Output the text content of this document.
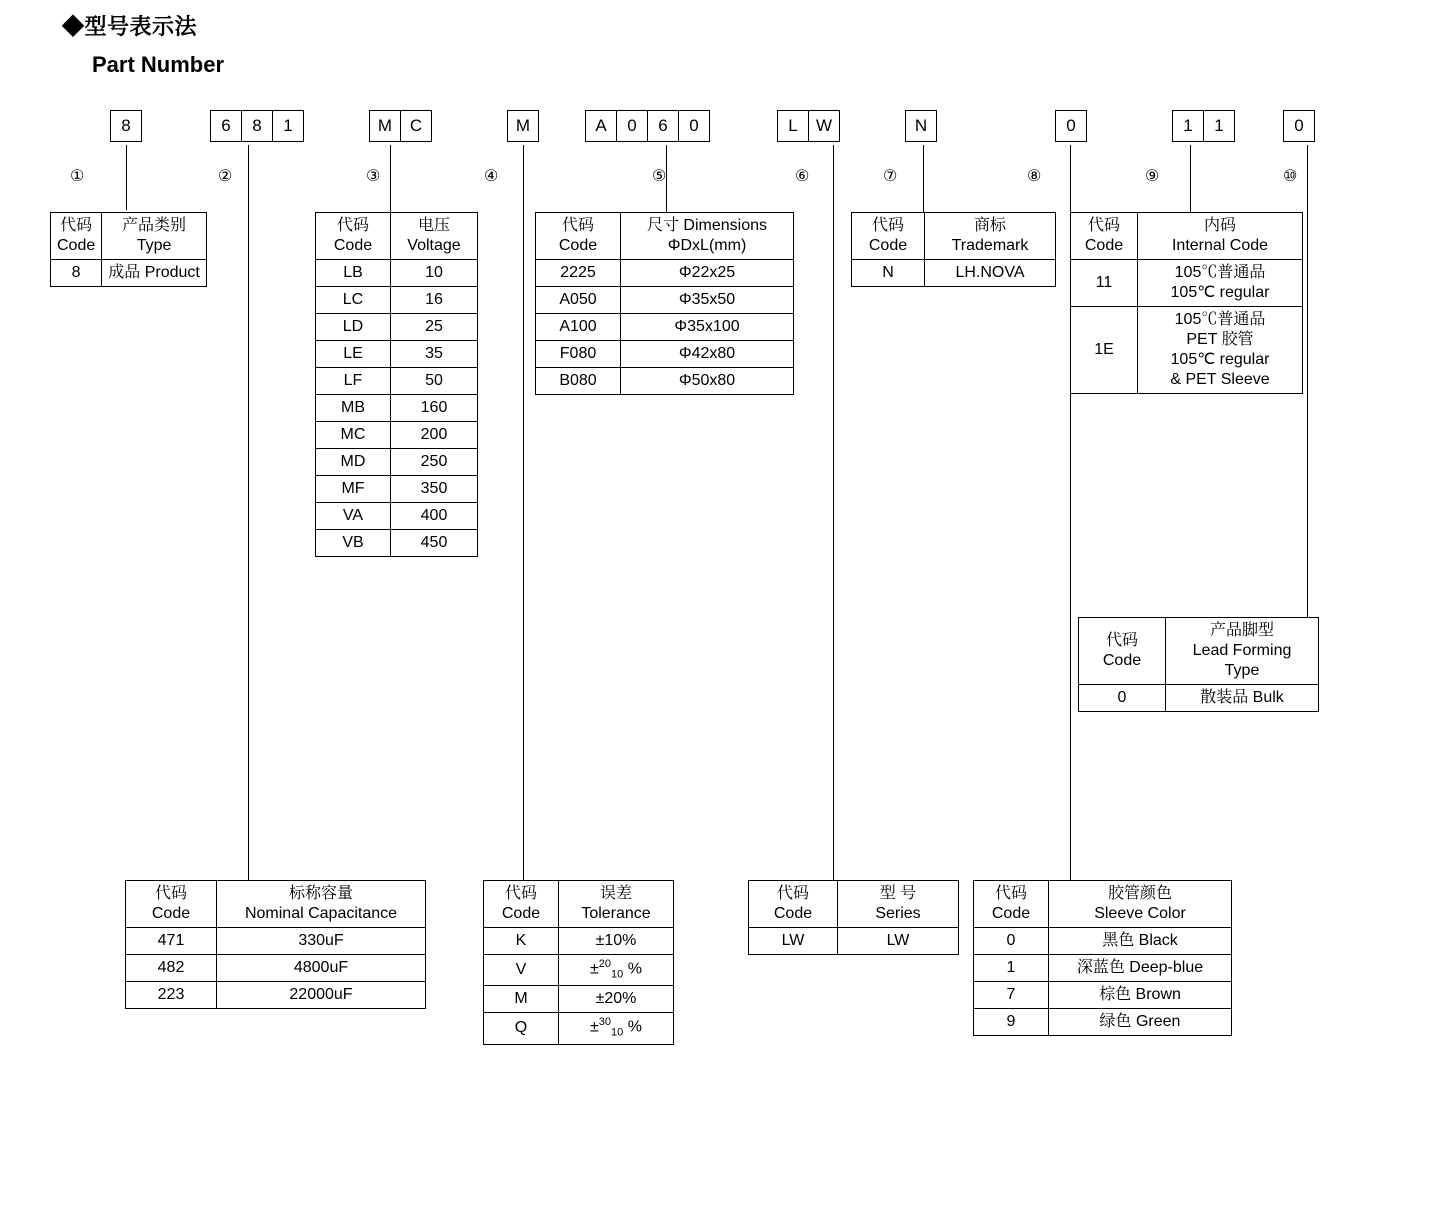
◆型号表示法
Part Number
8	6	8	1	M	C	M	A	0	6	0	L	W	N	0	1	1	0
①	②	③	④	⑤	⑥	⑦	⑧	⑨	⑩
代码
Code

产品类别
Type

8	成品 Product
代码
Code

电压
Voltage

LB	10
LC	16
LD	25
LE	35
LF	50
MB	160
MC	200
MD	250
MF	350
VA	400
VB	450
代码
Code

尺寸 Dimensions
ΦDxL(mm)

2225	Φ22x25
A050	Φ35x50
A100	Φ35x100
F080	Φ42x80
B080	Φ50x80
代码
Code

商标
Trademark

N	LH.NOVA
代码
Code

内码
Internal Code

11	105℃普通品
105℃ regular

1E	105℃普通品
PET 胶管
105℃ regular
& PET Sleeve
代码
Code

产品脚型
Lead Forming
Type

0	散装品 Bulk
代码
Code

标称容量
Nominal Capacitance

471	330uF
482	4800uF
223	22000uF
代码
Code

误差
Tolerance

K	±10%
V	±$^{20}_{10}$ %
M	±20%
Q	±$^{30}_{10}$ %
代码
Code

型 号
Series

LW	LW
代码
Code

胶管颜色
Sleeve Color

0	黑色 Black
1	深蓝色 Deep-blue
7	棕色 Brown
9	绿色 Green
